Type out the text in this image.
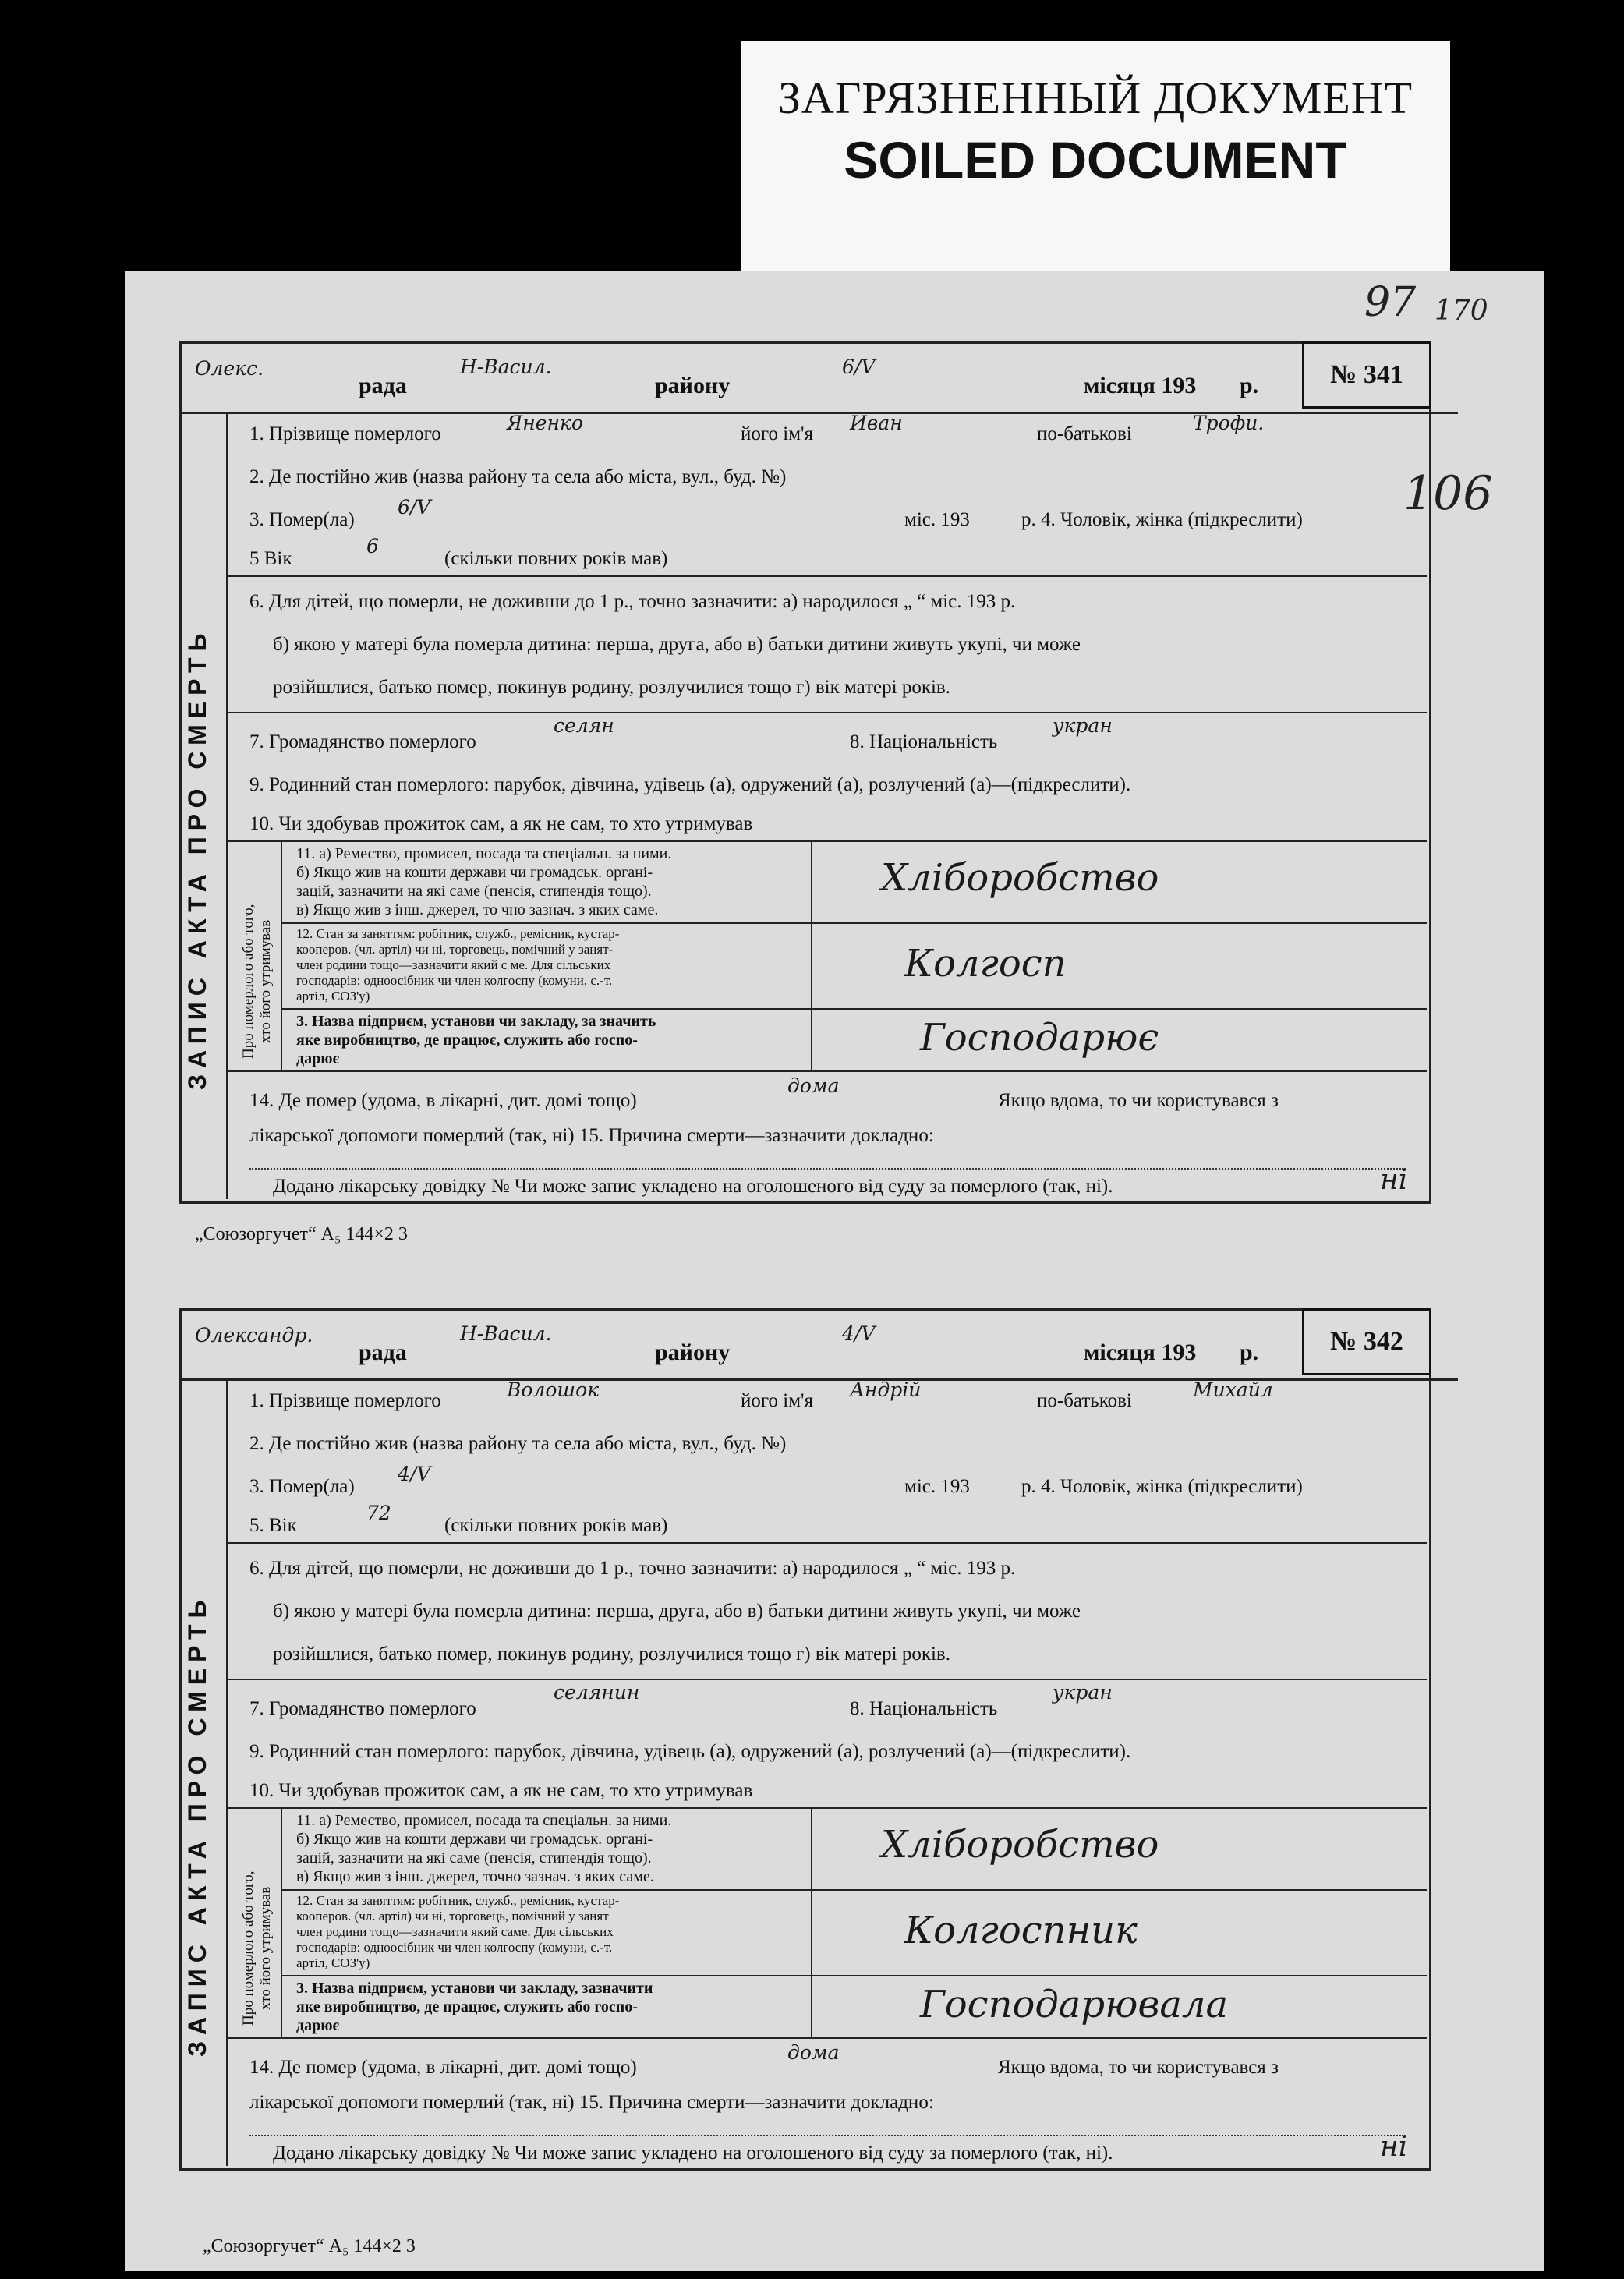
ЗАГРЯЗНЕННЫЙ ДОКУМЕНТ
SOILED DOCUMENT
97 170
Олекс.
рада
Н-Васил.
району
6/V
місяця 193 р.	№ 341
106
ЗАПИС АКТА ПРО СМЕРТЬ
1. Прізвище померлого	Яненко	його ім'я Иван	по-батькові	Трофи.
2. Де постійно жив (назва району та села або міста, вул., буд. №)
3. Помер(ла)
6/V
міс. 193	р. 4. Чоловік, жінка (підкреслити)
5 Вік
6
(скільки повних років мав)
6. Для дітей, що померли, не доживши до 1 р., точно зазначити: а) народилося „ “ міс. 193 р.
б) якою у матері була померла дитина: перша, друга, або в) батьки дитини живуть укупі, чи може
розійшлися, батько помер, покинув родину, розлучилися тощо г) вік матері років.
7. Громадянство померлого
селян
8. Національність
укран
9. Родинний стан померлого: парубок, дівчина, удівець (а), одружений (а), розлучений (а)—(підкреслити).
10. Чи здобував прожиток сам, а як не сам, то хто утримував
Про померлого або того, хто його утримував
11. а) Ремество, промисел, посада та спеціальн. за ними.
б) Якщо жив на кошти держави чи громадськ. органі-
зацій, зазначити на які саме (пенсія, стипендія тощо).
в) Якщо жив з інш. джерел, то чно зазнач. з яких саме.
Хліборобство
12. Стан за заняттям: робітник, служб., ремісник, кустар-
кооперов. (чл. артіл) чи ні, торговець, помічний у занят-
член родини тощо—зазначити який с ме. Для сільських
господарів: одноосібник чи член колгоспу (комуни, с.-т.
артіл, СОЗ'у)
Колгосп
3. Назва підприєм, установи чи закладу, за значить
яке виробництво, де працює, служить або госпо-
дарює	Господарює
14. Де помер (удома, в лікарні, дит. домі тощо)
дома
Якщо вдома, то чи користувався з
лікарської допомоги померлий (так, ні) 15. Причина смерти—зазначити докладно:
Додано лікарську довідку № Чи може запис укладено на оголошеного від суду за померлого (так, ні).	ні
Олександр.
рада
Н-Васил.
району
4/V
місяця 193 р.	№ 342
ЗАПИС АКТА ПРО СМЕРТЬ
1. Прізвище померлого	Волошок	його ім'я Андрій	по-батькові	Михайл
2. Де постійно жив (назва району та села або міста, вул., буд. №)
3. Помер(ла)
4/V
міс. 193	р. 4. Чоловік, жінка (підкреслити)
5. Вік
72
(скільки повних років мав)
6. Для дітей, що померли, не доживши до 1 р., точно зазначити: а) народилося „ “ міс. 193 р.
б) якою у матері була померла дитина: перша, друга, або в) батьки дитини живуть укупі, чи може
розійшлися, батько помер, покинув родину, розлучилися тощо г) вік матері років.
7. Громадянство померлого
селянин
8. Національність
укран
9. Родинний стан померлого: парубок, дівчина, удівець (а), одружений (а), розлучений (а)—(підкреслити).
10. Чи здобував прожиток сам, а як не сам, то хто утримував
Про померлого або того, хто його утримував
11. а) Ремество, промисел, посада та спеціальн. за ними.
б) Якщо жив на кошти держави чи громадськ. органі-
зацій, зазначити на які саме (пенсія, стипендія тощо).
в) Якщо жив з інш. джерел, точно зазнач. з яких саме.
Хліборобство
12. Стан за заняттям: робітник, служб., ремісник, кустар-
кооперов. (чл. артіл) чи ні, торговець, помічний у занят
член родини тощо—зазначити який саме. Для сільських
господарів: одноосібник чи член колгоспу (комуни, с.-т.
артіл, СОЗ'у)
Колгоспник
3. Назва підприєм, установи чи закладу, зазначити
яке виробництво, де працює, служить або госпо-
дарює	Господарювала
14. Де помер (удома, в лікарні, дит. домі тощо)
дома
Якщо вдома, то чи користувався з
лікарської допомоги померлий (так, ні) 15. Причина смерти—зазначити докладно:
Додано лікарську довідку № Чи може запис укладено на оголошеного від суду за померлого (так, ні).	ні
„Союзоргучет“ А₅ 144×2 3
„Союзоргучет“ А₅ 144×2 3
